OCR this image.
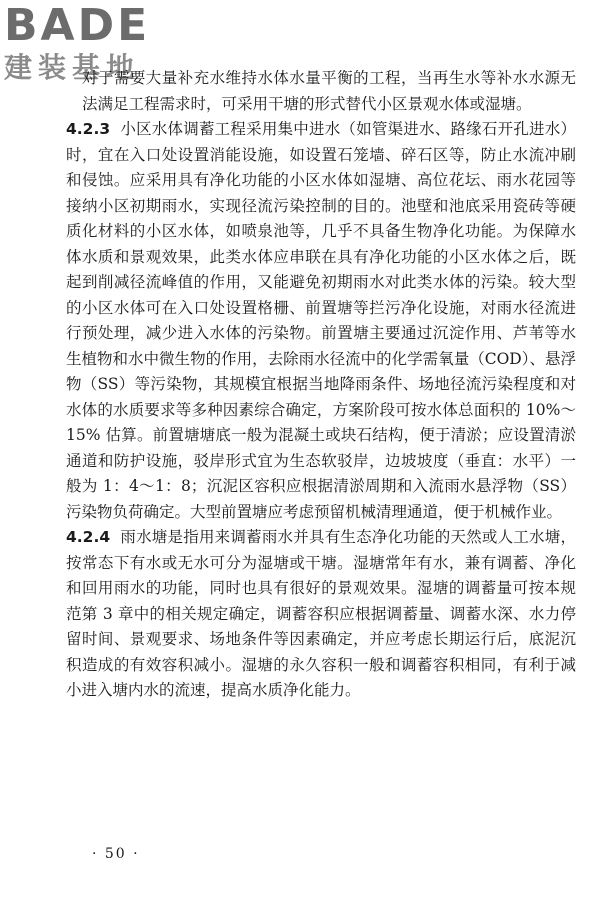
BADE
建装基地

对于需要大量补充水维持水体水量平衡的工程，当再生水等补水水源无法满足工程需求时，可采用干塘的形式替代小区景观水体或湿塘。

4.2.3 小区水体调蓄工程采用集中进水（如管渠进水、路缘石开孔进水）时，宜在入口处设置消能设施，如设置石笼墙、碎石区等，防止水流冲刷和侵蚀。应采用具有净化功能的小区水体如湿塘、高位花坛、雨水花园等接纳小区初期雨水，实现径流污染控制的目的。池壁和池底采用瓷砖等硬质化材料的小区水体，如喷泉池等，几乎不具备生物净化功能。为保障水体水质和景观效果，此类水体应串联在具有净化功能的小区水体之后，既起到削减径流峰值的作用，又能避免初期雨水对此类水体的污染。较大型的小区水体可在入口处设置格栅、前置塘等拦污净化设施，对雨水径流进行预处理，减少进入水体的污染物。前置塘主要通过沉淀作用、芦苇等水生植物和水中微生物的作用，去除雨水径流中的化学需氧量（COD）、悬浮物（SS）等污染物，其规模宜根据当地降雨条件、场地径流污染程度和对水体的水质要求等多种因素综合确定，方案阶段可按水体总面积的 10%～15% 估算。前置塘塘底一般为混凝土或块石结构，便于清淤；应设置清淤通道和防护设施，驳岸形式宜为生态软驳岸，边坡坡度（垂直：水平）一般为 1：4～1：8；沉泥区容积应根据清淤周期和入流雨水悬浮物（SS）污染物负荷确定。大型前置塘应考虑预留机械清理通道，便于机械作业。

4.2.4 雨水塘是指用来调蓄雨水并具有生态净化功能的天然或人工水塘，按常态下有水或无水可分为湿塘或干塘。湿塘常年有水，兼有调蓄、净化和回用雨水的功能，同时也具有很好的景观效果。湿塘的调蓄量可按本规范第 3 章中的相关规定确定，调蓄容积应根据调蓄量、调蓄水深、水力停留时间、景观要求、场地条件等因素确定，并应考虑长期运行后，底泥沉积造成的有效容积减小。湿塘的永久容积一般和调蓄容积相同，有利于减小进入塘内水的流速，提高水质净化能力。

· 50 ·
